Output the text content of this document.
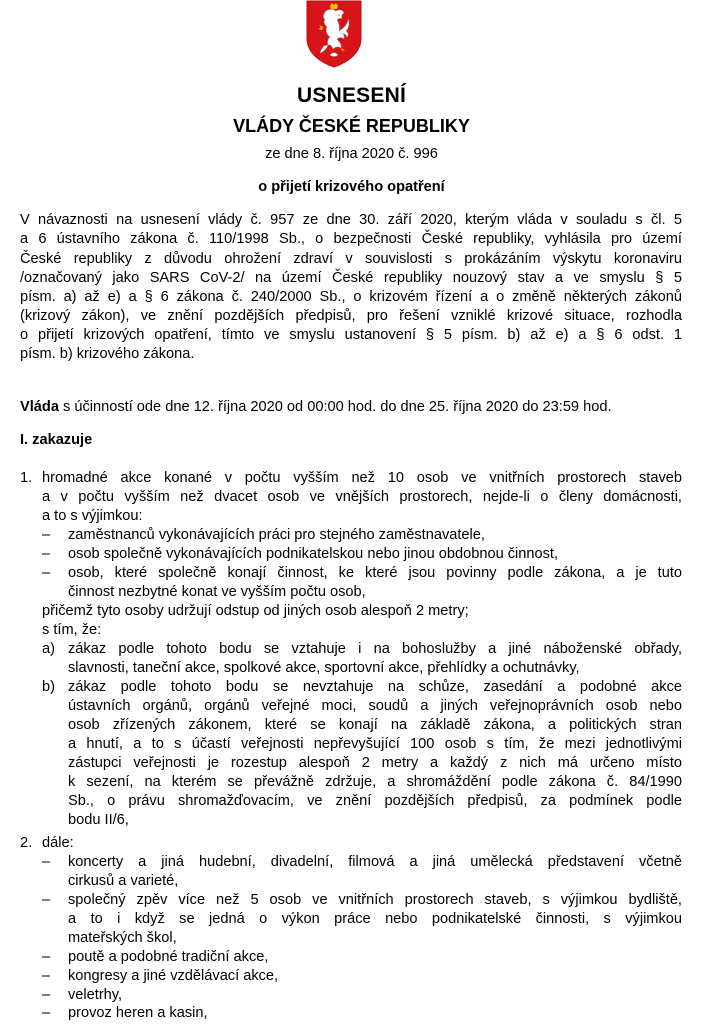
USNESENÍ
VLÁDY ČESKÉ REPUBLIKY
ze dne 8. října 2020 č. 996
o přijetí krizového opatření
V návaznosti na usnesení vlády č. 957 ze dne 30. září 2020, kterým vláda v souladu s čl. 5
a 6 ústavního zákona č. 110/1998 Sb., o bezpečnosti České republiky, vyhlásila pro území
České republiky z důvodu ohrožení zdraví v souvislosti s prokázáním výskytu koronaviru
/označovaný jako SARS CoV-2/ na území České republiky nouzový stav a ve smyslu § 5
písm. a) až e) a § 6 zákona č. 240/2000 Sb., o krizovém řízení a o změně některých zákonů
(krizový zákon), ve znění pozdějších předpisů, pro řešení vzniklé krizové situace, rozhodla
o přijetí krizových opatření, tímto ve smyslu ustanovení § 5 písm. b) až e) a § 6 odst. 1
písm. b) krizového zákona.
Vláda s účinností ode dne 12. října 2020 od 00:00 hod. do dne 25. října 2020 do 23:59 hod.
I. zakazuje
1. hromadné akce konané v počtu vyšším než 10 osob ve vnitřních prostorech staveb
a v počtu vyšším než dvacet osob ve vnějších prostorech, nejde-li o členy domácnosti,
a to s výjimkou:
– zaměstnanců vykonávajících práci pro stejného zaměstnavatele,
– osob společně vykonávajících podnikatelskou nebo jinou obdobnou činnost,
– osob, které společně konají činnost, ke které jsou povinny podle zákona, a je tuto
činnost nezbytné konat ve vyšším počtu osob,
přičemž tyto osoby udržují odstup od jiných osob alespoň 2 metry;
s tím, že:
a) zákaz podle tohoto bodu se vztahuje i na bohoslužby a jiné náboženské obřady,
slavnosti, taneční akce, spolkové akce, sportovní akce, přehlídky a ochutnávky,
b) zákaz podle tohoto bodu se nevztahuje na schůze, zasedání a podobné akce
ústavních orgánů, orgánů veřejné moci, soudů a jiných veřejnoprávních osob nebo
osob zřízených zákonem, které se konají na základě zákona, a politických stran
a hnutí, a to s účastí veřejnosti nepřevyšující 100 osob s tím, že mezi jednotlivými
zástupci veřejnosti je rozestup alespoň 2 metry a každý z nich má určeno místo
k sezení, na kterém se převážně zdržuje, a shromáždění podle zákona č. 84/1990
Sb., o právu shromažďovacím, ve znění pozdějších předpisů, za podmínek podle
bodu II/6,
2. dále:
– koncerty a jiná hudební, divadelní, filmová a jiná umělecká představení včetně
cirkusů a varieté,
– společný zpěv více než 5 osob ve vnitřních prostorech staveb, s výjimkou bydliště,
a to i když se jedná o výkon práce nebo podnikatelské činnosti, s výjimkou
mateřských škol,
– poutě a podobné tradiční akce,
– kongresy a jiné vzdělávací akce,
– veletrhy,
– provoz heren a kasin,
